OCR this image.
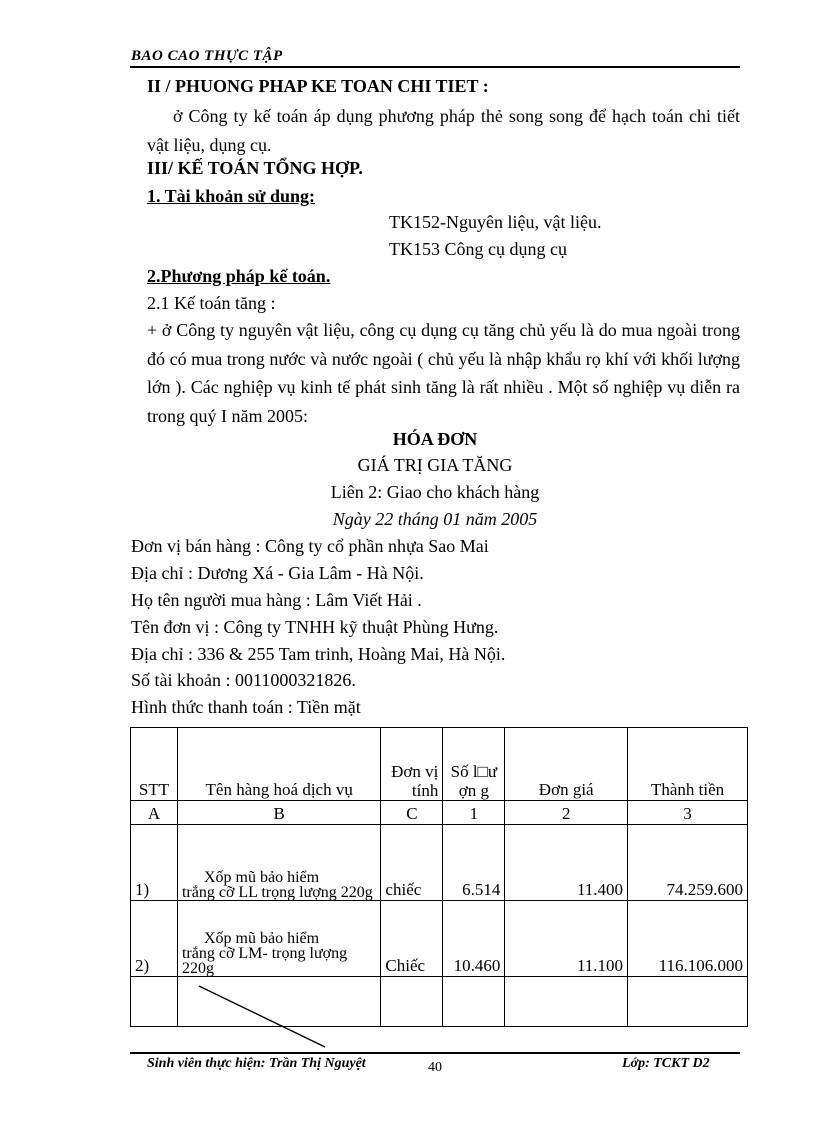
BAO CAO THỰC TẬP
II / PHUONG PHAP KE TOAN CHI TIET :
ở Công ty kế toán áp dụng phương pháp thẻ song song để hạch toán chi tiết vật liệu, dụng cụ.
III/ KẾ TOÁN TỔNG HỢP.
1. Tài khoản sử dung:
TK152-Nguyên liệu, vật liệu.
TK153 Công cụ dụng cụ
2.Phương pháp kế toán.
2.1 Kế toán tăng :
+ ở Công ty nguyên vật liệu, công cụ dụng cụ tăng chủ yếu là do mua ngoài trong đó có mua trong nước và nước ngoài ( chủ yếu là nhập khẩu rọ khí với khối lượng lớn ). Các nghiệp vụ kinh tế phát sinh tăng là rất nhiều . Một số nghiệp vụ diễn ra trong quý I năm 2005:
HÓA ĐƠN
GIÁ TRỊ GIA TĂNG
Liên 2: Giao cho khách hàng
Ngày 22 tháng 01 năm 2005
Đơn vị bán hàng : Công ty cổ phần nhựa Sao Mai
Địa chỉ : Dương Xá - Gia Lâm - Hà Nội.
Họ tên người mua hàng : Lâm Viết Hải .
Tên đơn vị : Công ty TNHH kỹ thuật Phùng Hưng.
Địa chỉ : 336 & 255 Tam trinh, Hoàng Mai, Hà Nội.
Số tài khoản : 0011000321826.
Hình thức thanh toán : Tiền mặt
STT	Tên hàng hoá dịch vụ	Đơn vị tính	Số l□ượn g	Đơn giá	Thành tiền
A	B	C	1	2	3
1)	Xốp mũ bảo hiểm
trắng cỡ LL trọng lượng 220g	chiếc	6.514	11.400	74.259.600
2)	Xốp mũ bảo hiểm
trắng cỡ LM- trọng lượng 220g	Chiếc	10.460	11.100	116.106.000

Sinh viên thực hiện: Trần Thị Nguyệt	40	Lớp: TCKT D2
